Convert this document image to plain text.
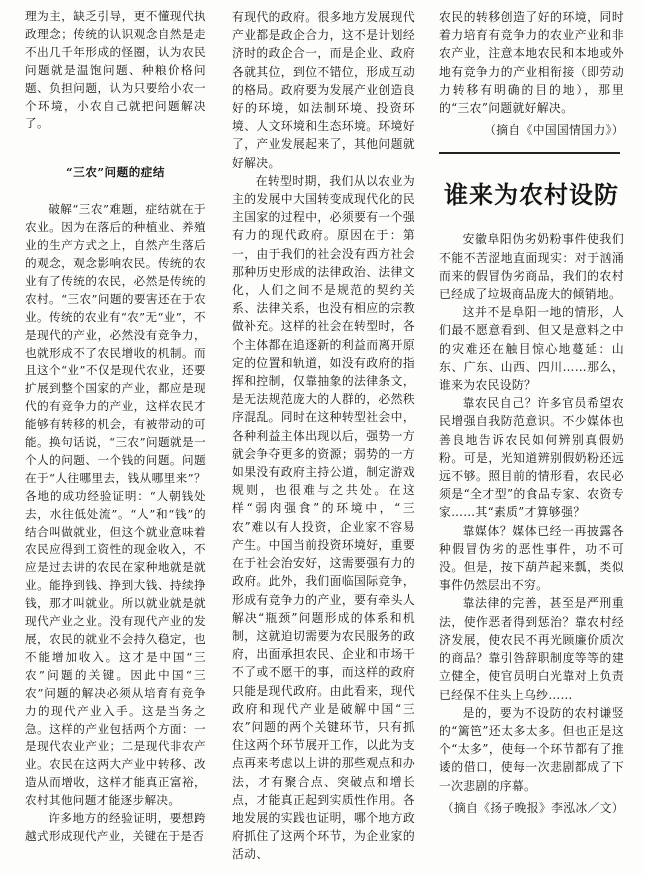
理为主，缺乏引导，更不懂现代执政理念；传统的认识观念自然是走不出几千年形成的怪圈，认为农民问题就是温饱问题、种粮价格问题、负担问题，认为只要给小农一个环境，小农自己就把问题解决了。

“三农”问题的症结

破解“三农”难题，症结就在于农业。因为在落后的种植业、养殖业的生产方式之上，自然产生落后的观念，观念影响农民。传统的农业有了传统的农民，必然是传统的农村。“三农”问题的要害还在于农业。传统的农业有“农”无“业”，不是现代的产业，必然没有竞争力，也就形成不了农民增收的机制。而且这个“业”不仅是现代农业，还要扩展到整个国家的产业，都应是现代的有竞争力的产业，这样农民才能够有转移的机会，有被带动的可能。换句话说，“三农”问题就是一个人的问题、一个钱的问题。问题在于“人往哪里去，钱从哪里来”？各地的成功经验证明：“人朝钱处去，水往低处流”。“人”和“钱”的结合叫做就业，但这个就业意味着农民应得到工资性的现金收入，不应是过去讲的农民在家种地就是就业。能挣到钱、挣到大钱、持续挣钱，那才叫就业。所以就业就是就现代产业之业。没有现代产业的发展，农民的就业不会持久稳定，也不能增加收入。这才是中国“三农”问题的关键。因此中国“三农”问题的解决必须从培育有竞争力的现代产业入手。这是当务之急。这样的产业包括两个方面：一是现代农业产业；二是现代非农产业。农民在这两大产业中转移、改造从而增收，这样才能真正富裕，农村其他问题才能逐步解决。

许多地方的经验证明，要想跨越式形成现代产业，关键在于是否

有现代的政府。很多地方发展现代产业都是政企合力，这不是计划经济时的政企合一，而是企业、政府各就其位，到位不错位，形成互动的格局。政府要为发展产业创造良好的环境，如法制环境、投资环境、人文环境和生态环境。环境好了，产业发展起来了，其他问题就好解决。

在转型时期，我们从以农业为主的发展中大国转变成现代化的民主国家的过程中，必须要有一个强有力的现代政府。原因在于：第一，由于我们的社会没有西方社会那种历史形成的法律政治、法律文化，人们之间不是规范的契约关系、法律关系，也没有相应的宗教做补充。这样的社会在转型时，各个主体都在追逐新的利益而离开原定的位置和轨道，如没有政府的指挥和控制，仅靠抽象的法律条文，是无法规范庞大的人群的，必然秩序混乱。同时在这种转型社会中，各种利益主体出现以后，强势一方就会争夺更多的资源；弱势的一方如果没有政府主持公道，制定游戏规则，也很难与之共处。在这样“弱肉强食”的环境中，“三农”难以有人投资，企业家不容易产生。中国当前投资环境好，重要在于社会治安好，这需要强有力的政府。此外，我们面临国际竞争，形成有竞争力的产业，要有牵头人解决“瓶颈”问题形成的体系和机制，这就迫切需要为农民服务的政府，出面承担农民、企业和市场干不了或不愿干的事，而这样的政府只能是现代政府。由此看来，现代政府和现代产业是破解中国“三农”问题的两个关键环节，只有抓住这两个环节展开工作，以此为支点再来考虑以上讲的那些观点和办法，才有聚合点、突破点和增长点，才能真正起到实质性作用。各地发展的实践也证明，哪个地方政府抓住了这两个环节，为企业家的活动、

农民的转移创造了好的环境，同时着力培育有竞争力的农业产业和非农产业，注意本地农民和本地或外地有竞争力的产业相衔接（即劳动力转移有明确的目的地），那里的“三农”问题就好解决。

（摘自《中国国情国力》）

谁来为农村设防

安徽阜阳伪劣奶粉事件使我们不能不苦涩地直面现实：对于汹涌而来的假冒伪劣商品，我们的农村已经成了垃圾商品庞大的倾销地。

这并不是阜阳一地的情形，人们最不愿意看到、但又是意料之中的灾难还在触目惊心地蔓延：山东、广东、山西、四川……那么，谁来为农民设防？

靠农民自己？许多官员希望农民增强自我防范意识。不少媒体也善良地告诉农民如何辨别真假奶粉。可是，光知道辨别假奶粉还远远不够。照目前的情形看，农民必须是“全才型”的食品专家、农资专家……其“素质”才算够强？

靠媒体？媒体已经一再披露各种假冒伪劣的恶性事件，功不可没。但是，按下葫芦起来瓢，类似事件仍然层出不穷。

靠法律的完善，甚至是严刑重法，使作恶者得到惩治？靠农村经济发展，使农民不再光顾廉价质次的商品？靠引咎辞职制度等等的建立健全，使官员明白光靠对上负责已经保不住头上乌纱……

是的，要为不设防的农村谦竖的“篱笆”还太多太多。但也正是这个“太多”，使每一个环节都有了推诿的借口，使每一次悲剧都成了下一次悲剧的序幕。

（摘自《扬子晚报》李泓冰／文）
